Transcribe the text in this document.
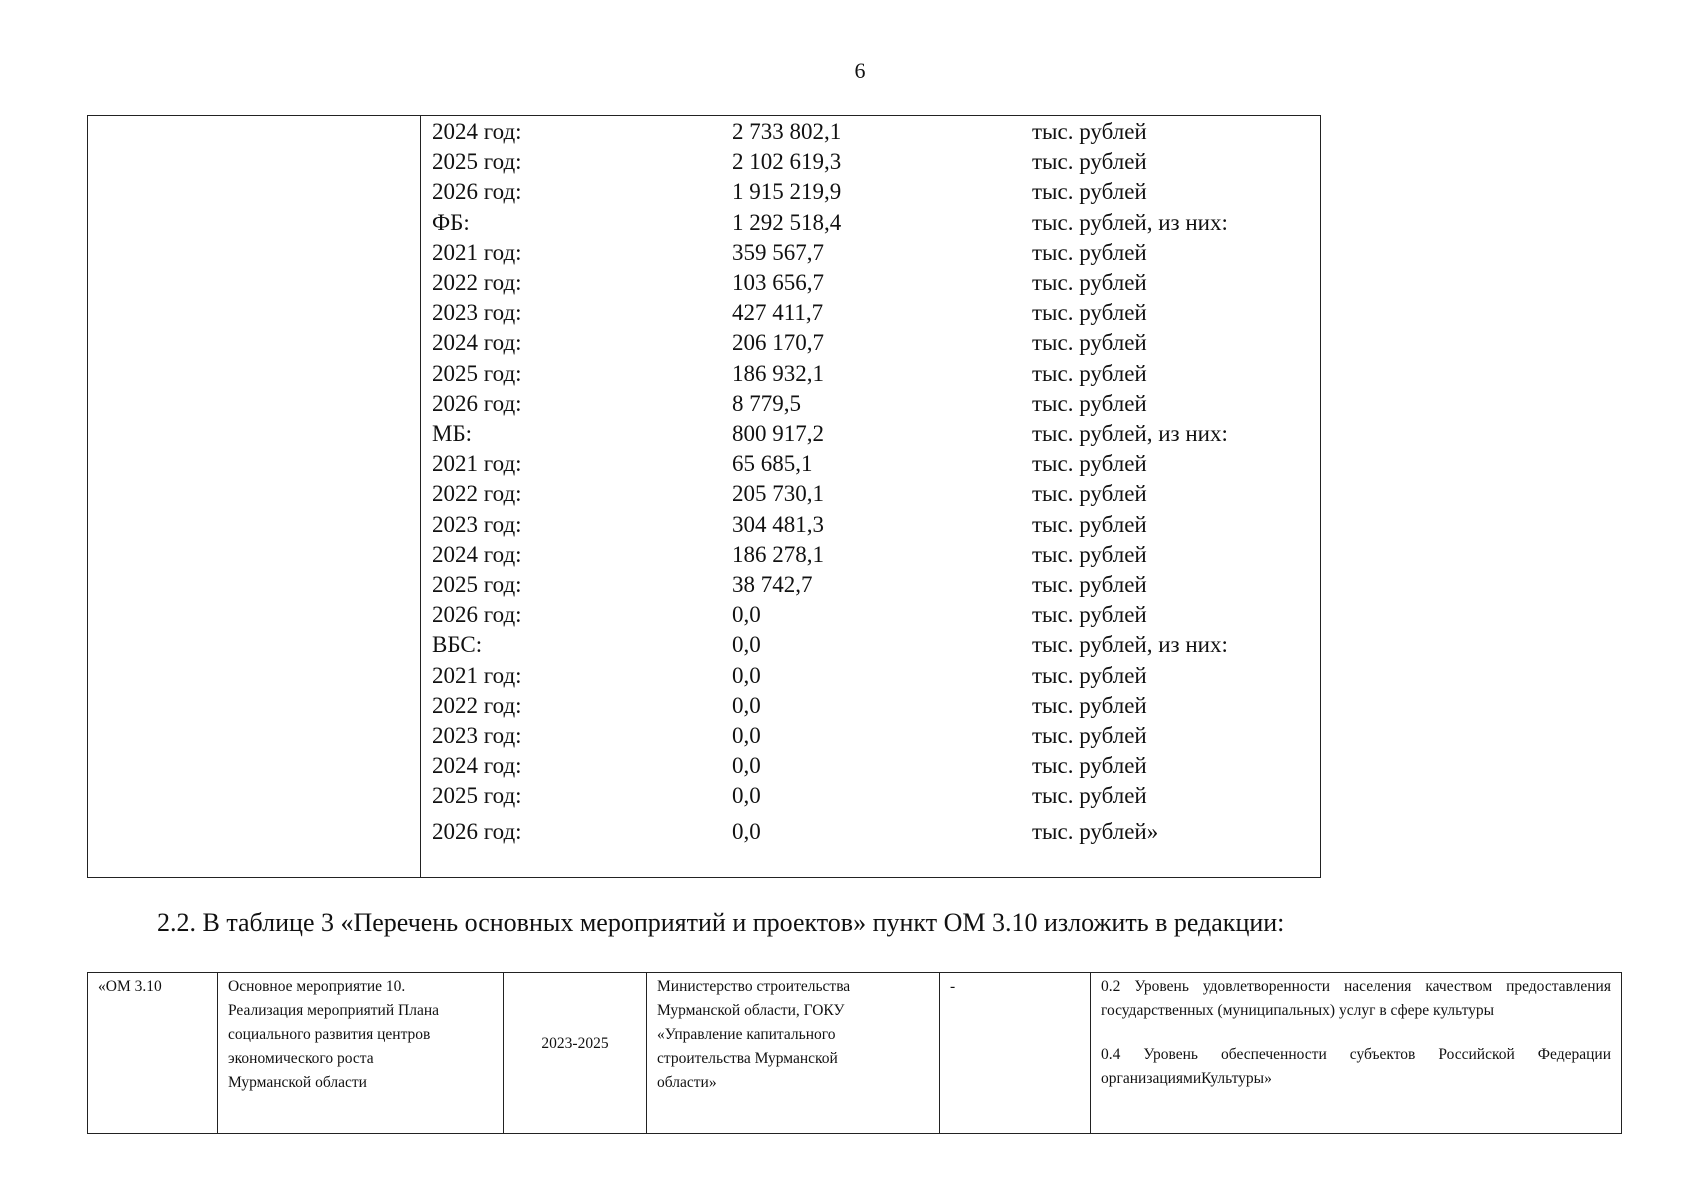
6
2024 год:	2 733 802,1	тыс. рублей
2025 год:	2 102 619,3	тыс. рублей
2026 год:	1 915 219,9	тыс. рублей
ФБ:	1 292 518,4	тыс. рублей, из них:
2021 год:	359 567,7	тыс. рублей
2022 год:	103 656,7	тыс. рублей
2023 год:	427 411,7	тыс. рублей
2024 год:	206 170,7	тыс. рублей
2025 год:	186 932,1	тыс. рублей
2026 год:	8 779,5	тыс. рублей
МБ:	800 917,2	тыс. рублей, из них:
2021 год:	65 685,1	тыс. рублей
2022 год:	205 730,1	тыс. рублей
2023 год:	304 481,3	тыс. рублей
2024 год:	186 278,1	тыс. рублей
2025 год:	38 742,7	тыс. рублей
2026 год:	0,0	тыс. рублей
ВБС:	0,0	тыс. рублей, из них:
2021 год:	0,0	тыс. рублей
2022 год:	0,0	тыс. рублей
2023 год:	0,0	тыс. рублей
2024 год:	0,0	тыс. рублей
2025 год:	0,0	тыс. рублей
2026 год:	0,0	тыс. рублей»
2.2. В таблице 3 «Перечень основных мероприятий и проектов» пункт ОМ 3.10 изложить в редакции:
«ОМ 3.10	Основное мероприятие 10.
Реализация мероприятий Плана
социального развития центров
экономического роста
Мурманской области	2023-2025	Министерство строительства
Мурманской области, ГОКУ
«Управление капитального
строительства Мурманской
области»	-	0.2 Уровень удовлетворенности населения качеством предоставления государственных (муниципальных) услуг в сфере культуры
0.4 Уровень обеспеченности субъектов Российской Федерации организациямиКультуры»
